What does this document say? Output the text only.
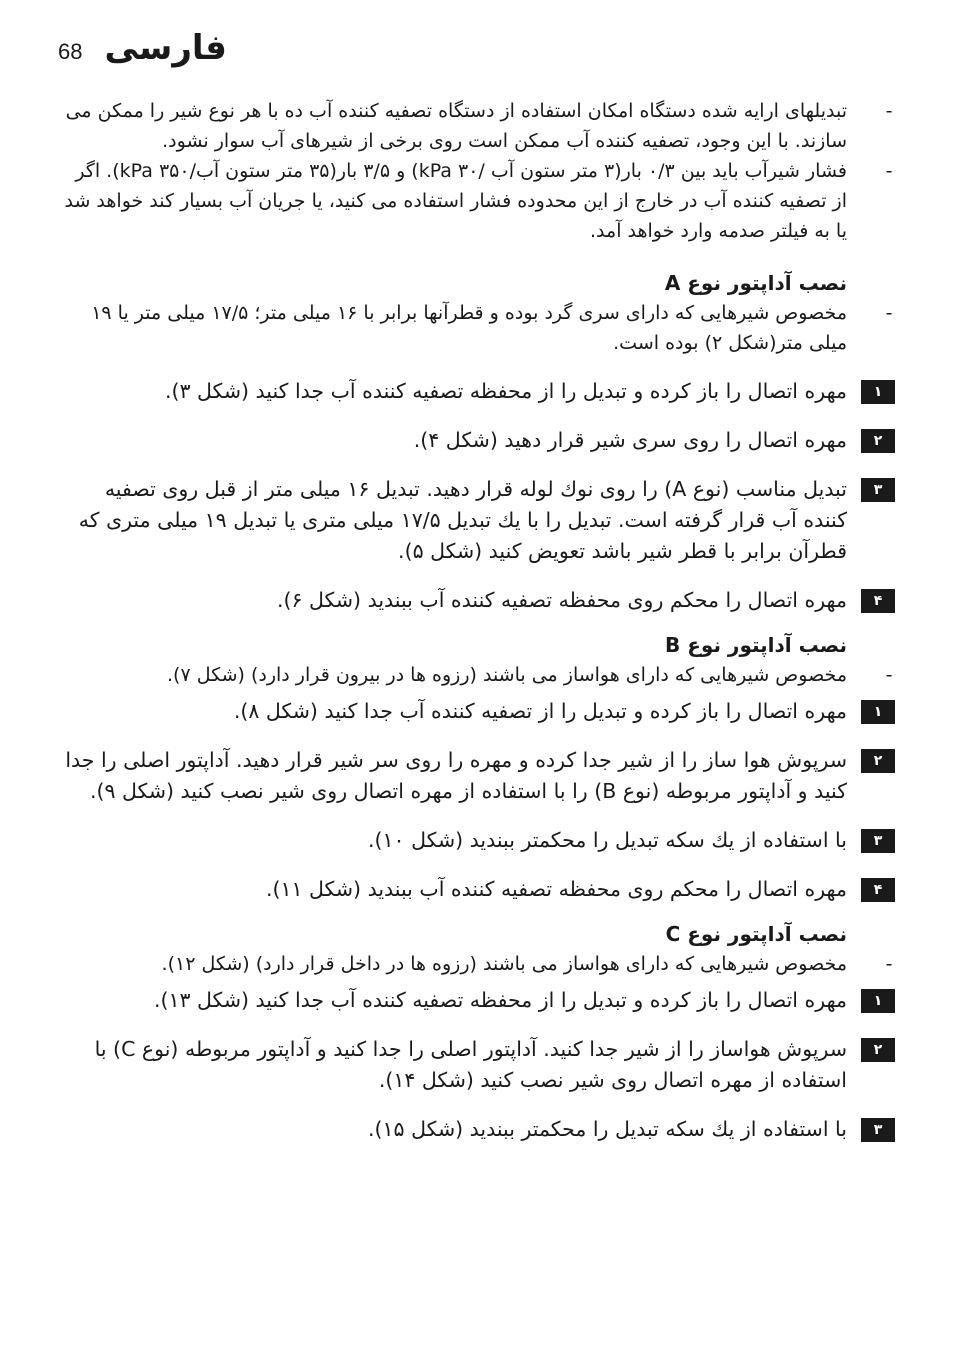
68 فارسی

-
تبدیلهای ارایه شده دستگاه امکان استفاده از دستگاه تصفیه کننده آب ده با هر نوع شیر را ممکن می سازند. با این وجود، تصفیه کننده آب ممکن است روی برخی از شیرهای آب سوار نشود.

-
فشار شیرآب باید بین ۰/۳ بار(۳ متر ستون آب /۳۰ kPa) و ۳/۵ بار(۳۵ متر ستون آب/۳۵۰ kPa). اگر از تصفیه کننده آب در خارج از این محدوده فشار استفاده می کنید، یا جریان آب بسیار کند خواهد شد یا به فیلتر صدمه وارد خواهد آمد.

نصب آداپتور نوع A

-
مخصوص شیرهایی که دارای سری گرد بوده و قطرآنها برابر با ۱۶ میلی متر؛ ۱۷/۵ میلی متر یا ۱۹ میلی متر(شکل ۲) بوده است.

۱
مهره اتصال را باز کرده و تبدیل را از محفظه تصفیه کننده آب جدا کنید (شکل ۳).
۲
مهره اتصال را روی سری شیر قرار دهید (شکل ۴).
۳
تبدیل مناسب (نوع A) را روی نوك لوله قرار دهید. تبدیل ۱۶ میلی متر از قبل روی تصفیه کننده آب قرار گرفته است. تبدیل را با یك تبدیل ۱۷/۵ میلی متری یا تبدیل ۱۹ میلی متری که قطرآن برابر با قطر شیر باشد تعویض کنید (شکل ۵).
۴
مهره اتصال را محکم روی محفظه تصفیه کننده آب ببندید (شکل ۶).

نصب آداپتور نوع B

-
مخصوص شیرهایی که دارای هواساز می باشند (رزوه ها در بیرون قرار دارد) (شکل ۷).

۱
مهره اتصال را باز کرده و تبدیل را از تصفیه کننده آب جدا کنید (شکل ۸).
۲
سرپوش هوا ساز را از شیر جدا کرده و مهره را روی سر شیر قرار دهید. آداپتور اصلی را جدا کنید و آداپتور مربوطه (نوع B) را با استفاده از مهره اتصال روی شیر نصب کنید (شکل ۹).
۳
با استفاده از یك سکه تبدیل را محکمتر ببندید (شکل ۱۰).
۴
مهره اتصال را محکم روی محفظه تصفیه کننده آب ببندید (شکل ۱۱).

نصب آداپتور نوع C

-
مخصوص شیرهایی که دارای هواساز می باشند (رزوه ها در داخل قرار دارد) (شکل ۱۲).

۱
مهره اتصال را باز کرده و تبدیل را از محفظه تصفیه کننده آب جدا کنید (شکل ۱۳).
۲
سرپوش هواساز را از شیر جدا کنید. آداپتور اصلی را جدا کنید و آداپتور مربوطه (نوع C) با استفاده از مهره اتصال روی شیر نصب کنید (شکل ۱۴).
۳
با استفاده از یك سکه تبدیل را محکمتر ببندید (شکل ۱۵).
